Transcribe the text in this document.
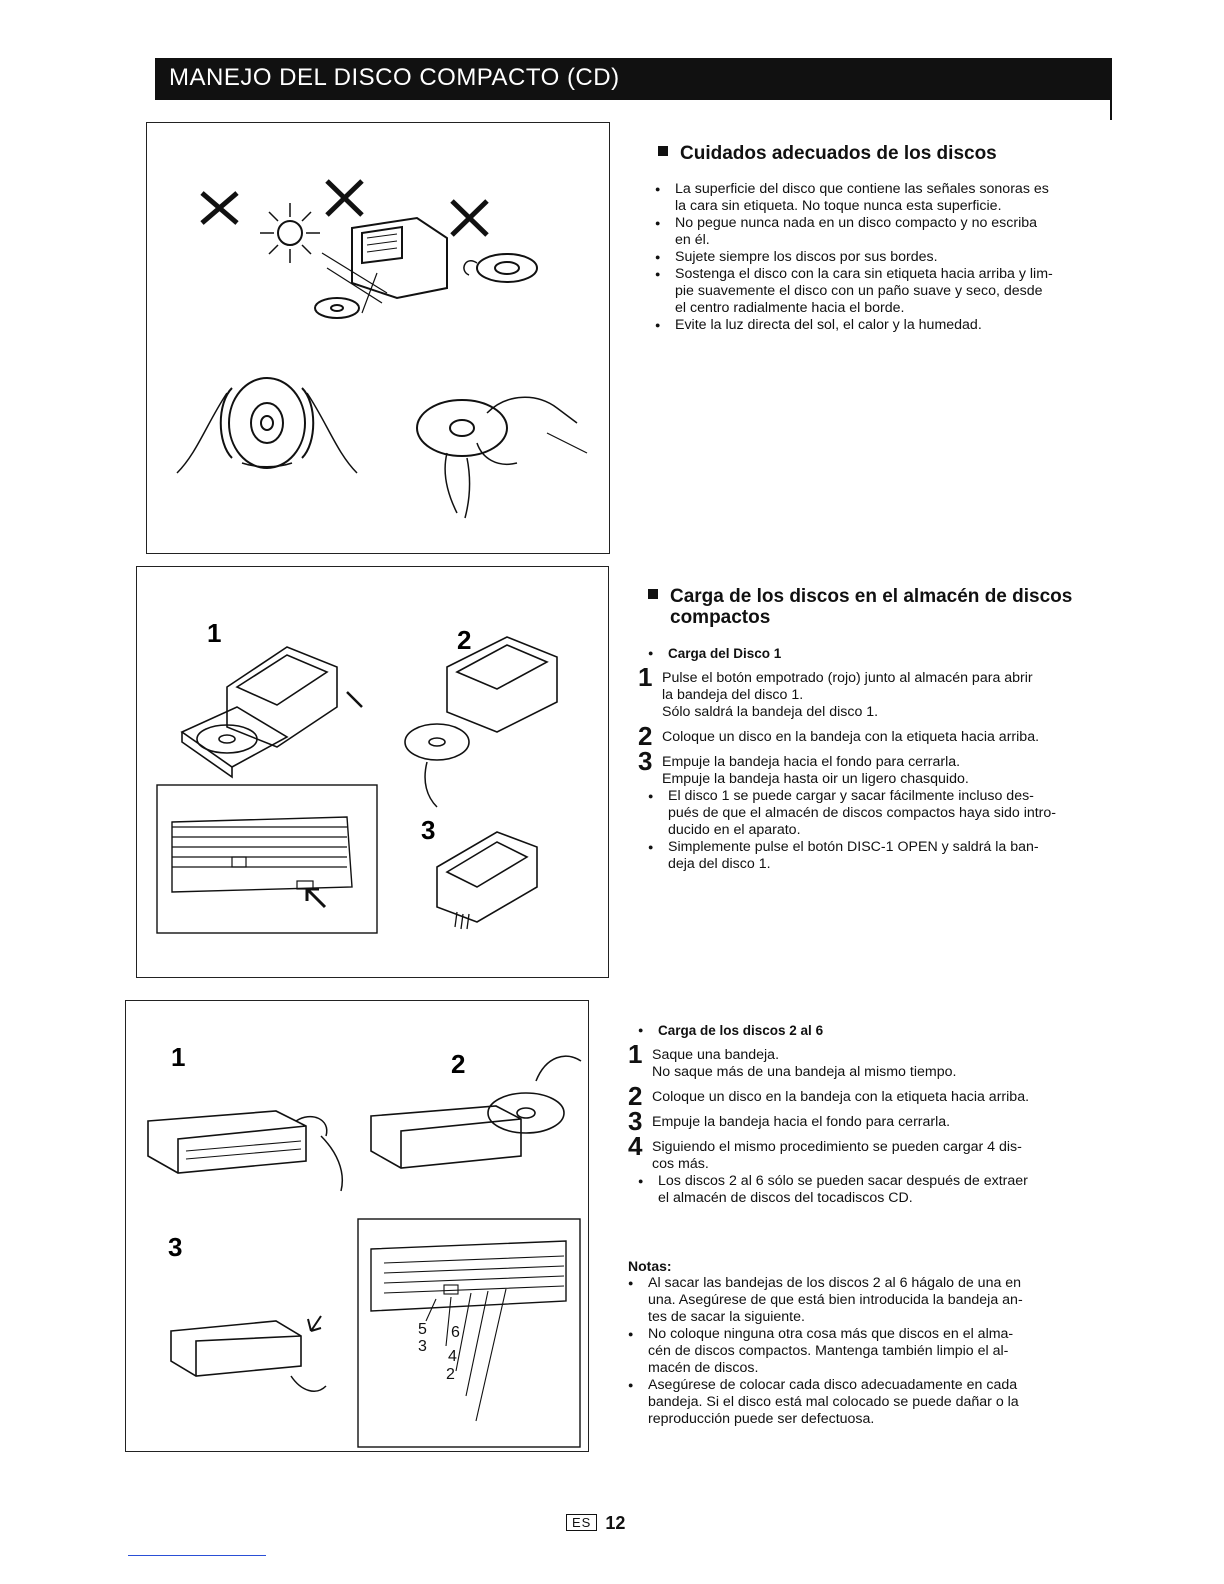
MANEJO DEL DISCO COMPACTO (CD)
1	2
3
1	2
3
5 6
3
4
2
Cuidados adecuados de los discos
● La superficie del disco que contiene las señales sonoras es
la cara sin etiqueta. No toque nunca esta superficie.
● No pegue nunca nada en un disco compacto y no escriba
en él.
● Sujete siempre los discos por sus bordes.
● Sostenga el disco con la cara sin etiqueta hacia arriba y lim-
pie suavemente el disco con un paño suave y seco, desde
el centro radialmente hacia el borde.
● Evite la luz directa del sol, el calor y la humedad.
Carga de los discos en el almacén de discos
compactos
● Carga del Disco 1
1 Pulse el botón empotrado (rojo) junto al almacén para abrir
la bandeja del disco 1.
Sólo saldrá la bandeja del disco 1.
2 Coloque un disco en la bandeja con la etiqueta hacia arriba.
3 Empuje la bandeja hacia el fondo para cerrarla.
Empuje la bandeja hasta oir un ligero chasquido.
● El disco 1 se puede cargar y sacar fácilmente incluso des-
pués de que el almacén de discos compactos haya sido intro-
ducido en el aparato.
● Simplemente pulse el botón DISC-1 OPEN y saldrá la ban-
deja del disco 1.
● Carga de los discos 2 al 6
1 Saque una bandeja.
No saque más de una bandeja al mismo tiempo.
2 Coloque un disco en la bandeja con la etiqueta hacia arriba.
3 Empuje la bandeja hacia el fondo para cerrarla.
4 Siguiendo el mismo procedimiento se pueden cargar 4 dis-
cos más.
● Los discos 2 al 6 sólo se pueden sacar después de extraer
el almacén de discos del tocadiscos CD.
Notas:
● Al sacar las bandejas de los discos 2 al 6 hágalo de una en
una. Asegúrese de que está bien introducida la bandeja an-
tes de sacar la siguiente.
● No coloque ninguna otra cosa más que discos en el alma-
cén de discos compactos. Mantenga también limpio el al-
macén de discos.
● Asegúrese de colocar cada disco adecuadamente en cada
bandeja. Si el disco está mal colocado se puede dañar o la
reproducción puede ser defectuosa.
ES 12
